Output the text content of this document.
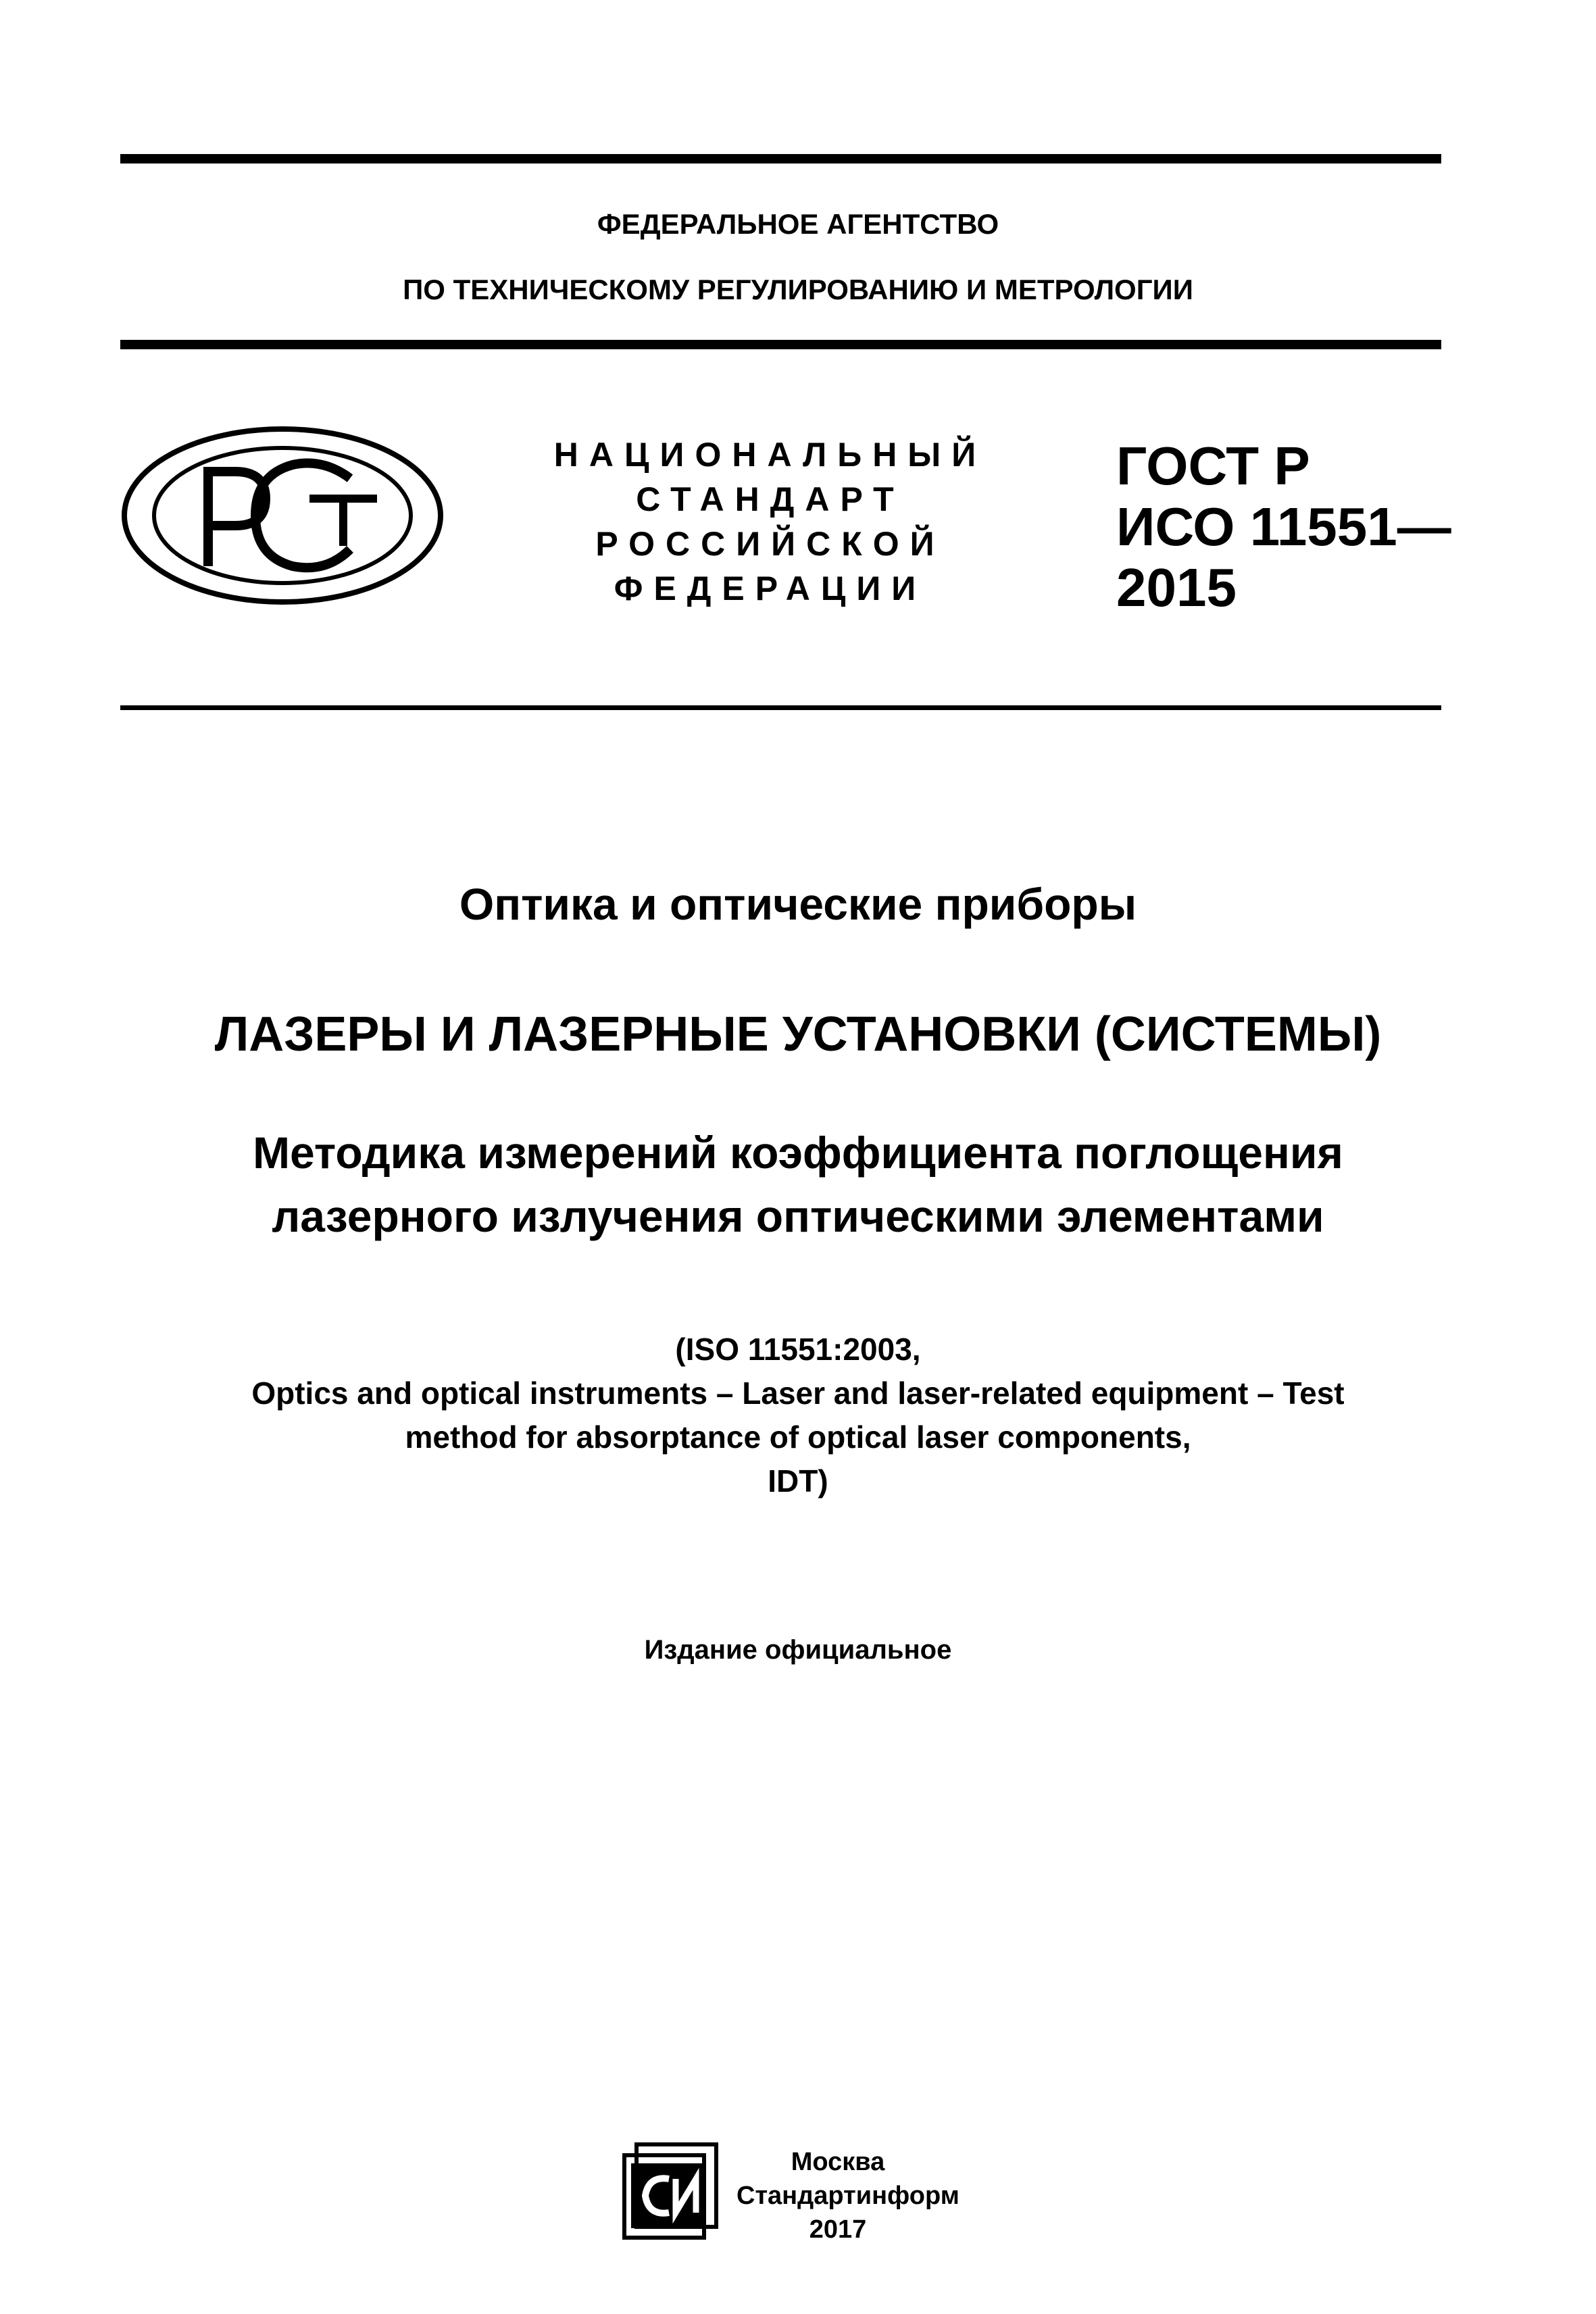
ФЕДЕРАЛЬНОЕ АГЕНТСТВО
ПО ТЕХНИЧЕСКОМУ РЕГУЛИРОВАНИЮ И МЕТРОЛОГИИ
НАЦИОНАЛЬНЫЙ
СТАНДАРТ
РОССИЙСКОЙ
ФЕДЕРАЦИИ
ГОСТ Р
ИСО 11551—
2015
Оптика и оптические приборы
ЛАЗЕРЫ И ЛАЗЕРНЫЕ УСТАНОВКИ (СИСТЕМЫ)
Методика измерений коэффициента поглощения
лазерного излучения оптическими элементами
(ISO 11551:2003,
Optics and optical instruments – Laser and laser-related equipment – Test
method for absorptance of optical laser components,
IDT)
Издание официальное
Москва
Стандартинформ
2017
